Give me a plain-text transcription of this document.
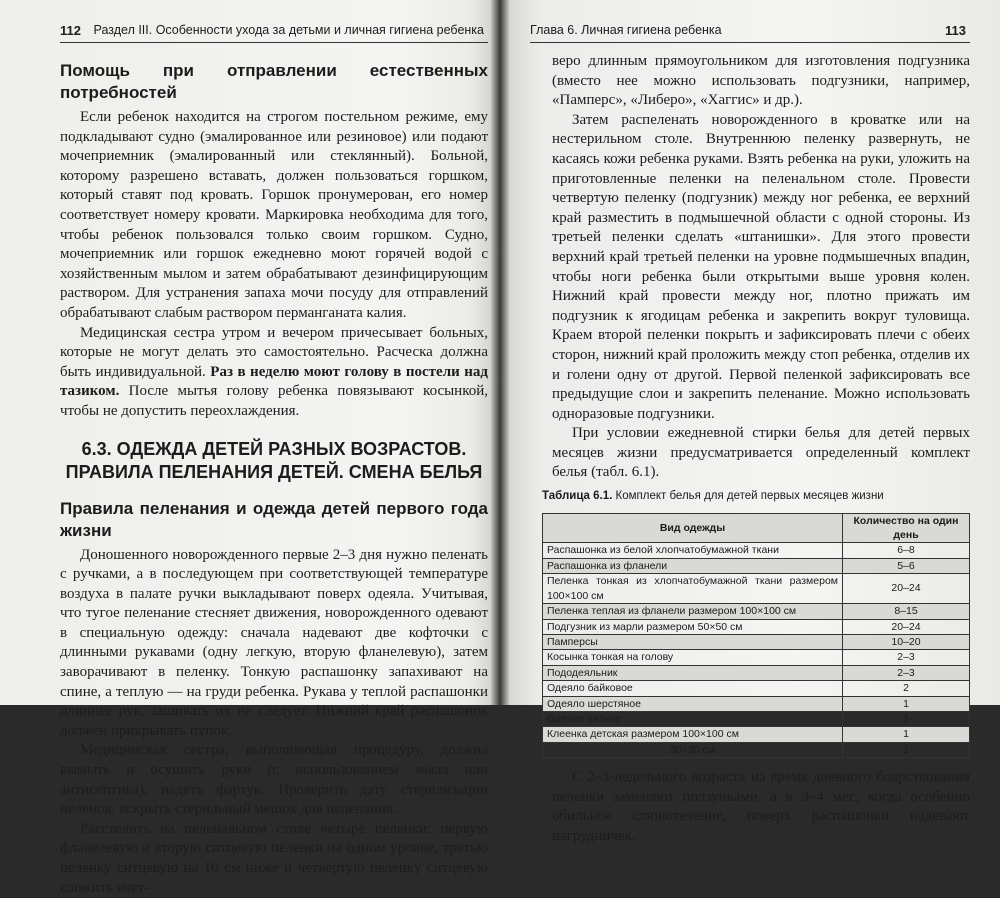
112 Раздел III. Особенности ухода за детьми и личная гигиена ребенка
Помощь при отправлении естественных потребностей

Если ребенок находится на строгом постельном режиме, ему подкладывают судно (эмалированное или резиновое) или подают мочеприемник (эмалированный или стеклянный). Больной, которому разрешено вставать, должен пользоваться горшком, который ставят под кровать. Горшок пронумерован, его номер соответствует номеру кровати. Маркировка необходима для того, чтобы ребенок пользовался только своим горшком. Судно, мочеприемник или горшок ежедневно моют горячей водой с хозяйственным мылом и затем обрабатывают дезинфицирующим раствором. Для устранения запаха мочи посуду для отправлений обрабатывают слабым раствором перманганата калия.

Медицинская сестра утром и вечером причесывает больных, которые не могут делать это самостоятельно. Расческа должна быть индивидуальной. Раз в неделю моют голову в постели над тазиком. После мытья голову ребенка повязывают косынкой, чтобы не допустить переохлаждения.

6.3. ОДЕЖДА ДЕТЕЙ РАЗНЫХ ВОЗРАСТОВ. ПРАВИЛА ПЕЛЕНАНИЯ ДЕТЕЙ. СМЕНА БЕЛЬЯ
Правила пеленания и одежда детей первого года жизни

Доношенного новорожденного первые 2–3 дня нужно пеленать с ручками, а в последующем при соответствующей температуре воздуха в палате ручки выкладывают поверх одеяла. Учитывая, что тугое пеленание стесняет движения, новорожденного одевают в специальную одежду: сначала надевают две кофточки с длинными рукавами (одну легкую, вторую фланелевую), затем заворачивают в пеленку. Тонкую распашонку запахивают на спине, а теплую — на груди ребенка. Рукава у теплой распашонки длиннее рук, зашивать их не следует. Нижний край распашонок должен прикрывать пупок.

Медицинская сестра, выполняющая процедуру, должна вымыть и осушить руки (с использованием мыла или антисептика), надеть фартук. Проверить дату стерилизации пеленок, вскрыть стерильный мешок для пеленания.

Расстелить на пеленальном столе четыре пеленки: первую фланелевую и вторую ситцевую пеленки на одном уровне, третью пеленку ситцевую на 10 см ниже и четвертую пеленку ситцевую сложить вчет-

Глава 6. Личная гигиена ребенка	113

веро длинным прямоугольником для изготовления подгузника (вместо нее можно использовать подгузники, например, «Памперс», «Либеро», «Хаггис» и др.).

Затем распеленать новорожденного в кроватке или на нестерильном столе. Внутреннюю пеленку развернуть, не касаясь кожи ребенка руками. Взять ребенка на руки, уложить на приготовленные пеленки на пеленальном столе. Провести четвертую пеленку (подгузник) между ног ребенка, ее верхний край разместить в подмышечной области с одной стороны. Из третьей пеленки сделать «штанишки». Для этого провести верхний край третьей пеленки на уровне подмышечных впадин, чтобы ноги ребенка были открытыми выше уровня колен. Нижний край провести между ног, плотно прижать им подгузник к ягодицам ребенка и закрепить вокруг туловища. Краем второй пеленки покрыть и зафиксировать плечи с обеих сторон, нижний край проложить между стоп ребенка, отделив их и голени одну от другой. Первой пеленкой зафиксировать все предыдущие слои и закрепить пеленание. Можно использовать одноразовые подгузники.

При условии ежедневной стирки белья для детей первых месяцев жизни предусматривается определенный комплект белья (табл. 6.1).

Таблица 6.1. Комплект белья для детей первых месяцев жизни
Вид одежды	Количество на один день
Распашонка из белой хлопчатобумажной ткани	6–8
Распашонка из фланели	5–6
Пеленка тонкая из хлопчатобумажной ткани размером 100×100 см	20–24
Пеленка теплая из фланели размером 100×100 см	8–15
Подгузник из марли размером 50×50 см	20–24
Памперсы	10–20
Косынка тонкая на голову	2–3
Пододеяльник	2–3
Одеяло байковое	2
Одеяло шерстяное	1
Одеяло ватное	1
Клеенка детская размером 100×100 см	1
30×30 см	1

С 2–3-недельного возраста на время дневного бодрствования пеленки заменяют ползунками, а в 3–4 мес, когда особенно обильное слюнотечение, поверх распашонки надевают нагрудничек.
